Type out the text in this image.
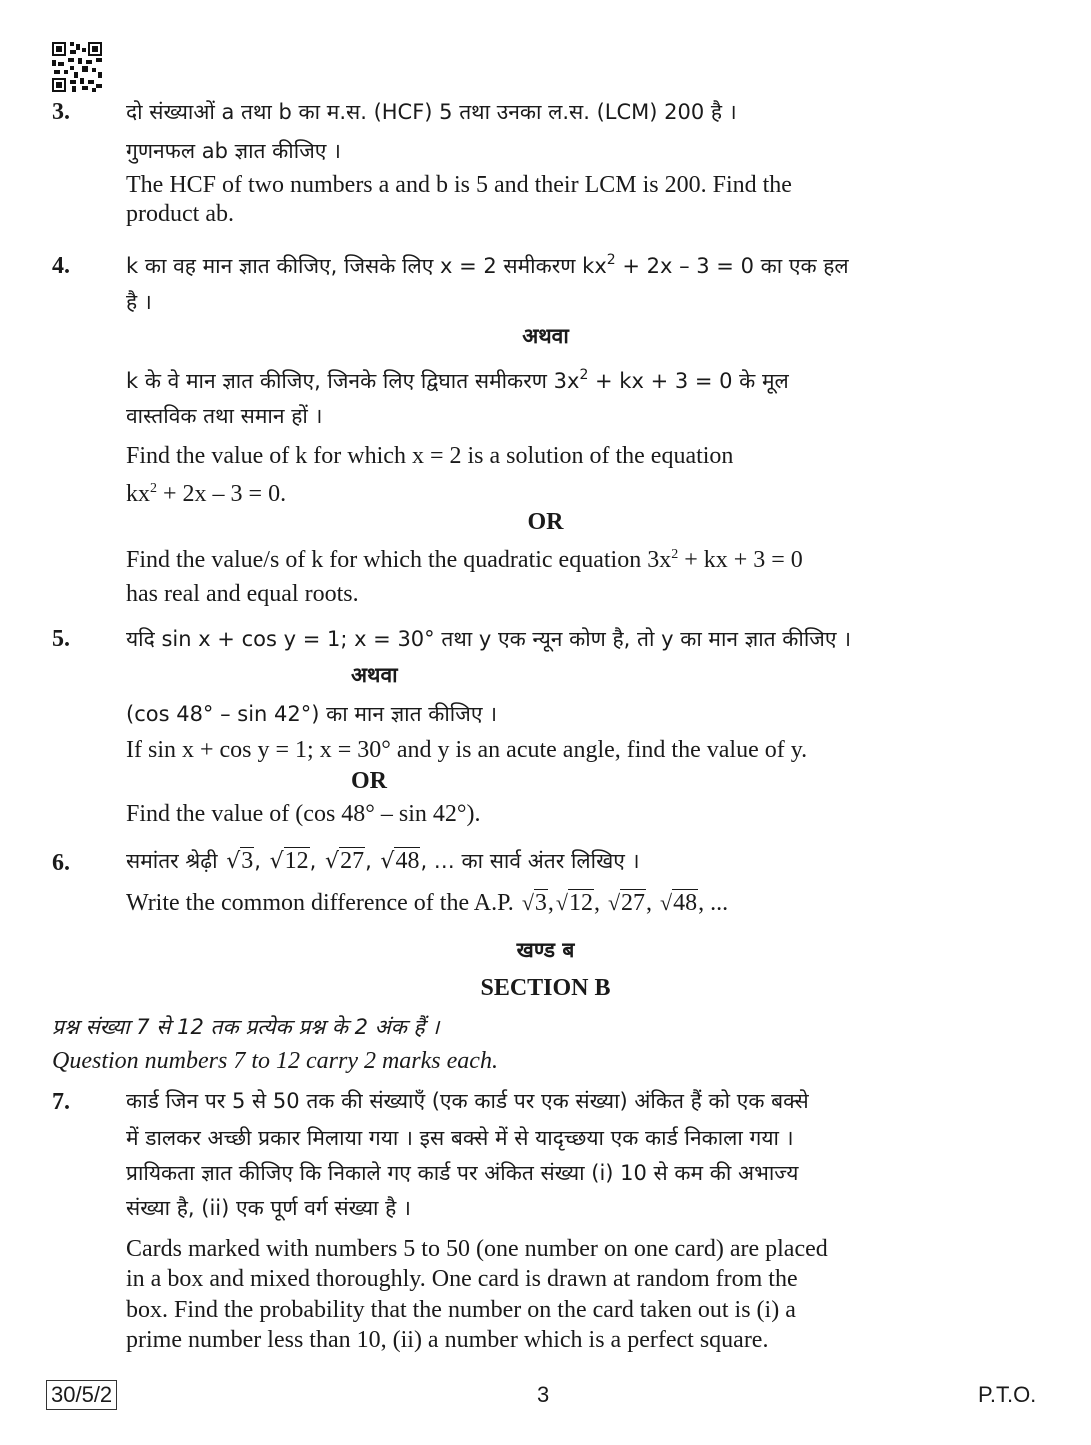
3.	दो संख्याओं a तथा b का म.स. (HCF) 5 तथा उनका ल.स. (LCM) 200 है ।
गुणनफल ab ज्ञात कीजिए ।
The HCF of two numbers a and b is 5 and their LCM is 200. Find the
product ab.
4.	k का वह मान ज्ञात कीजिए, जिसके लिए x = 2 समीकरण $kx^2 + 2x - 3 = 0$ का एक हल
है ।
अथवा
k के वे मान ज्ञात कीजिए, जिनके लिए द्विघात समीकरण $3x^2$ + kx + 3 = 0 के मूल
वास्तविक तथा समान हों ।
Find the value of k for which x = 2 is a solution of the equation
$kx^2 + 2x - 3 = 0$.
OR
Find the value/s of k for which the quadratic equation $3x^2$ + kx + 3 = 0
has real and equal roots.
5.	यदि sin x + cos y = 1; x = 30° तथा y एक न्यून कोण है, तो y का मान ज्ञात कीजिए ।
अथवा
(cos 48° – sin 42°) का मान ज्ञात कीजिए ।
If sin x + cos y = 1; x = 30° and y is an acute angle, find the value of y.
OR
Find the value of (cos 48° – sin 42°).
6.	समांतर श्रेढ़ी √3, √12, √27, √48, … का सार्व अंतर लिखिए ।
Write the common difference of the A.P. √3,√12, √27, √48, ...
खण्ड ब
SECTION B
प्रश्न संख्या 7 से 12 तक प्रत्येक प्रश्न के 2 अंक हैं ।
Question numbers 7 to 12 carry 2 marks each.
7.	कार्ड जिन पर 5 से 50 तक की संख्याएँ (एक कार्ड पर एक संख्या) अंकित हैं को एक बक्से
में डालकर अच्छी प्रकार मिलाया गया । इस बक्से में से यादृच्छया एक कार्ड निकाला गया ।
प्रायिकता ज्ञात कीजिए कि निकाले गए कार्ड पर अंकित संख्या (i) 10 से कम की अभाज्य
संख्या है, (ii) एक पूर्ण वर्ग संख्या है ।
Cards marked with numbers 5 to 50 (one number on one card) are placed
in a box and mixed thoroughly. One card is drawn at random from the
box. Find the probability that the number on the card taken out is (i) a
prime number less than 10, (ii) a number which is a perfect square.
30/5/2	3	P.T.O.
